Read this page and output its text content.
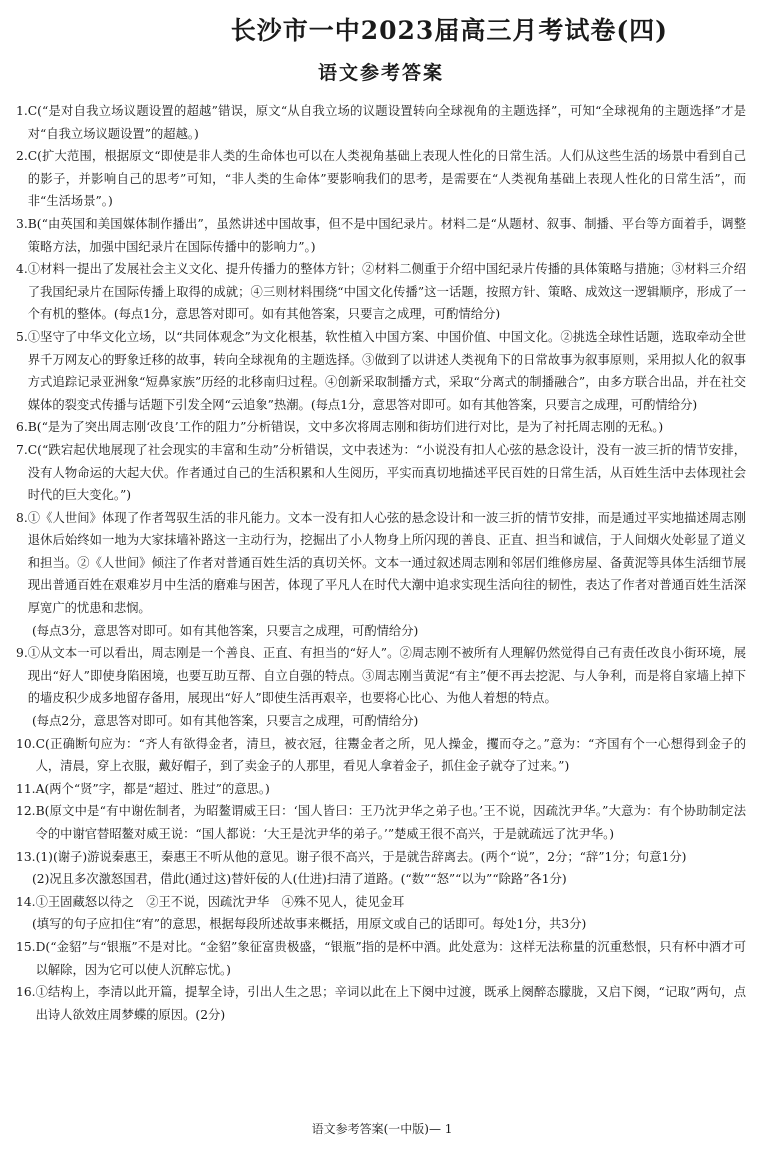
长沙市一中2023届高三月考试卷(四)
语文参考答案
1. C(“是对自我立场议题设置的超越”错误，原文“从自我立场的议题设置转向全球视角的主题选择”，可知“全球视角的主题选择”才是对“自我立场议题设置”的超越。)
2. C(扩大范围，根据原文“即使是非人类的生命体也可以在人类视角基础上表现人性化的日常生活。人们从这些生活的场景中看到自己的影子，并影响自己的思考”可知，“非人类的生命体”要影响我们的思考，是需要在“人类视角基础上表现人性化的日常生活”，而非“生活场景”。)
3. B(“由英国和美国媒体制作播出”，虽然讲述中国故事，但不是中国纪录片。材料二是“从题材、叙事、制播、平台等方面着手，调整策略方法，加强中国纪录片在国际传播中的影响力”。)
4. ①材料一提出了发展社会主义文化、提升传播力的整体方针；②材料二侧重于介绍中国纪录片传播的具体策略与措施；③材料三介绍了我国纪录片在国际传播上取得的成就；④三则材料围绕“中国文化传播”这一话题，按照方针、策略、成效这一逻辑顺序，形成了一个有机的整体。(每点1分，意思答对即可。如有其他答案，只要言之成理，可酌情给分)
5. ①坚守了中华文化立场，以“共同体观念”为文化根基，软性植入中国方案、中国价值、中国文化。②挑选全球性话题，选取牵动全世界千万网友心的野象迁移的故事，转向全球视角的主题选择。③做到了以讲述人类视角下的日常故事为叙事原则，采用拟人化的叙事方式追踪记录亚洲象“短鼻家族”历经的北移南归过程。④创新采取制播方式，采取“分离式的制播融合”，由多方联合出品，并在社交媒体的裂变式传播与话题下引发全网“云追象”热潮。(每点1分，意思答对即可。如有其他答案，只要言之成理，可酌情给分)
6. B(“是为了突出周志刚‘改良’工作的阻力”分析错误，文中多次将周志刚和街坊们进行对比，是为了衬托周志刚的无私。)
7. C(“跌宕起伏地展现了社会现实的丰富和生动”分析错误，文中表述为：“小说没有扣人心弦的悬念设计，没有一波三折的情节安排，没有人物命运的大起大伏。作者通过自己的生活积累和人生阅历，平实而真切地描述平民百姓的日常生活，从百姓生活中去体现社会时代的巨大变化。”)
8. ①《人世间》体现了作者驾驭生活的非凡能力。文本一没有扣人心弦的悬念设计和一波三折的情节安排，而是通过平实地描述周志刚退休后始终如一地为大家抹墙补路这一主动行为，挖掘出了小人物身上所闪现的善良、正直、担当和诚信，于人间烟火处彰显了道义和担当。②《人世间》倾注了作者对普通百姓生活的真切关怀。文本一通过叙述周志刚和邻居们维修房屋、备黄泥等具体生活细节展现出普通百姓在艰难岁月中生活的磨难与困苦，体现了平凡人在时代大潮中追求实现生活向往的韧性，表达了作者对普通百姓生活深厚宽广的忧患和悲悯。
(每点3分，意思答对即可。如有其他答案，只要言之成理，可酌情给分)
9. ①从文本一可以看出，周志刚是一个善良、正直、有担当的“好人”。②周志刚不被所有人理解仍然觉得自己有责任改良小街环境，展现出“好人”即使身陷困境，也要互助互帮、自立自强的特点。③周志刚当黄泥“有主”便不再去挖泥、与人争利，而是将自家墙上掉下的墙皮积少成多地留存备用，展现出“好人”即使生活再艰辛，也要将心比心、为他人着想的特点。
(每点2分，意思答对即可。如有其他答案，只要言之成理，可酌情给分)
10. C(正确断句应为：“齐人有欲得金者，清旦，被衣冠，往鬻金者之所，见人操金，攫而夺之。”意为：“齐国有个一心想得到金子的人，清晨，穿上衣服，戴好帽子，到了卖金子的人那里，看见人拿着金子，抓住金子就夺了过来。”)
11. A(两个“贤”字，都是“超过、胜过”的意思。)
12. B(原文中是“有中谢佐制者，为昭鳌谓威王曰：‘国人皆曰：王乃沈尹华之弟子也。’王不说，因疏沈尹华。”大意为：有个协助制定法令的中谢官替昭鳌对威王说：“国人都说：‘大王是沈尹华的弟子。’”楚威王很不高兴，于是就疏远了沈尹华。)
13. (1)(谢子)游说秦惠王，秦惠王不听从他的意见。谢子很不高兴，于是就告辞离去。(两个“说”，2分；“辞”1分；句意1分)
(2)况且多次激怒国君，借此(通过这)替奸佞的人(仕进)扫清了道路。(“数”“怒”“以为”“除路”各1分)
14. ①王固藏怒以待之　②王不说，因疏沈尹华　④殊不见人，徒见金耳
(填写的句子应扣住“宥”的意思，根据每段所述故事来概括，用原文或自己的话即可。每处1分，共3分)
15. D(“金貂”与“银瓶”不是对比。“金貂”象征富贵极盛，“银瓶”指的是杯中酒。此处意为：这样无法称量的沉重愁恨，只有杯中酒才可以解除，因为它可以使人沉醉忘忧。)
16. ①结构上，李清以此开篇，提挈全诗，引出人生之思；辛词以此在上下阕中过渡，既承上阕醉态朦胧，又启下阕，“记取”两句，点出诗人欲效庄周梦蝶的原因。(2分)
语文参考答案(一中版)— 1
